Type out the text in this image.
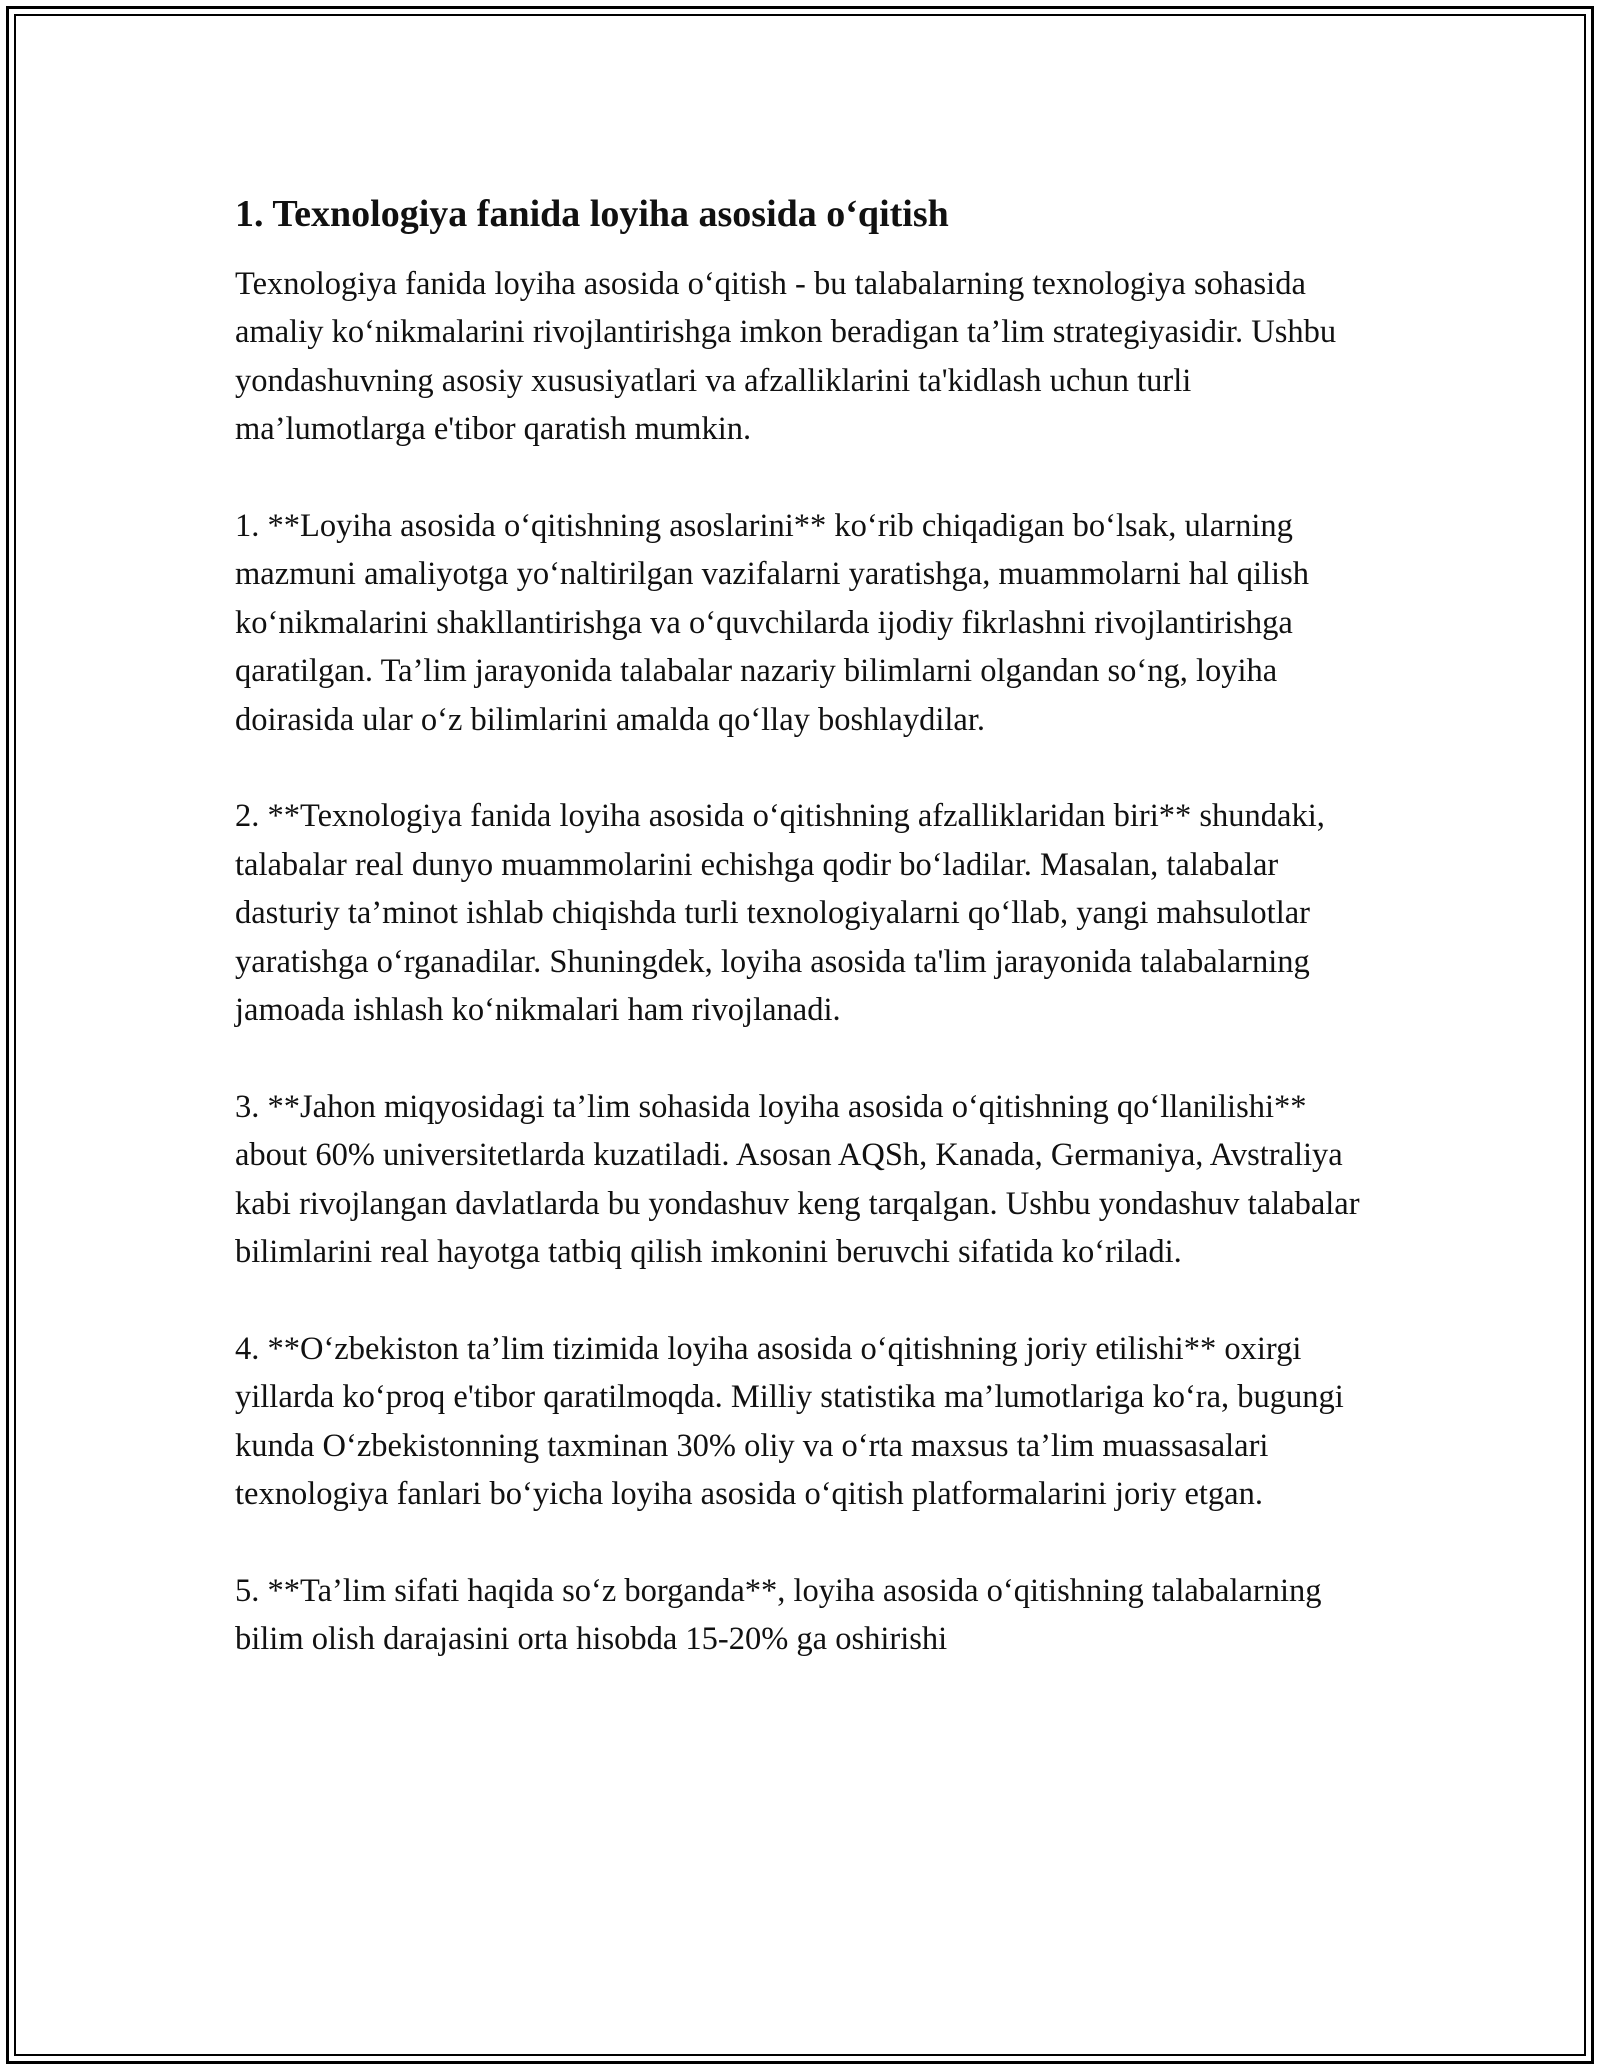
1. Texnologiya fanida loyiha asosida o‘qitish

Texnologiya fanida loyiha asosida o‘qitish - bu talabalarning texnologiya sohasida amaliy ko‘nikmalarini rivojlantirishga imkon beradigan ta’lim strategiyasidir. Ushbu yondashuvning asosiy xususiyatlari va afzalliklarini ta'kidlash uchun turli ma’lumotlarga e'tibor qaratish mumkin.

1. **Loyiha asosida o‘qitishning asoslarini** ko‘rib chiqadigan bo‘lsak, ularning mazmuni amaliyotga yo‘naltirilgan vazifalarni yaratishga, muammolarni hal qilish ko‘nikmalarini shakllantirishga va o‘quvchilarda ijodiy fikrlashni rivojlantirishga qaratilgan. Ta’lim jarayonida talabalar nazariy bilimlarni olgandan so‘ng, loyiha doirasida ular o‘z bilimlarini amalda qo‘llay boshlaydilar.

2. **Texnologiya fanida loyiha asosida o‘qitishning afzalliklaridan biri** shundaki, talabalar real dunyo muammolarini echishga qodir bo‘ladilar. Masalan, talabalar dasturiy ta’minot ishlab chiqishda turli texnologiyalarni qo‘llab, yangi mahsulotlar yaratishga o‘rganadilar. Shuningdek, loyiha asosida ta'lim jarayonida talabalarning jamoada ishlash ko‘nikmalari ham rivojlanadi.

3. **Jahon miqyosidagi ta’lim sohasida loyiha asosida o‘qitishning qo‘llanilishi** about 60% universitetlarda kuzatiladi. Asosan AQSh, Kanada, Germaniya, Avstraliya kabi rivojlangan davlatlarda bu yondashuv keng tarqalgan. Ushbu yondashuv talabalar bilimlarini real hayotga tatbiq qilish imkonini beruvchi sifatida ko‘riladi.

4. **O‘zbekiston ta’lim tizimida loyiha asosida o‘qitishning joriy etilishi** oxirgi yillarda ko‘proq e'tibor qaratilmoqda. Milliy statistika ma’lumotlariga ko‘ra, bugungi kunda O‘zbekistonning taxminan 30% oliy va o‘rta maxsus ta’lim muassasalari texnologiya fanlari bo‘yicha loyiha asosida o‘qitish platformalarini joriy etgan.

5. **Ta’lim sifati haqida so‘z borganda**, loyiha asosida o‘qitishning talabalarning bilim olish darajasini orta hisobda 15-20% ga oshirishi
